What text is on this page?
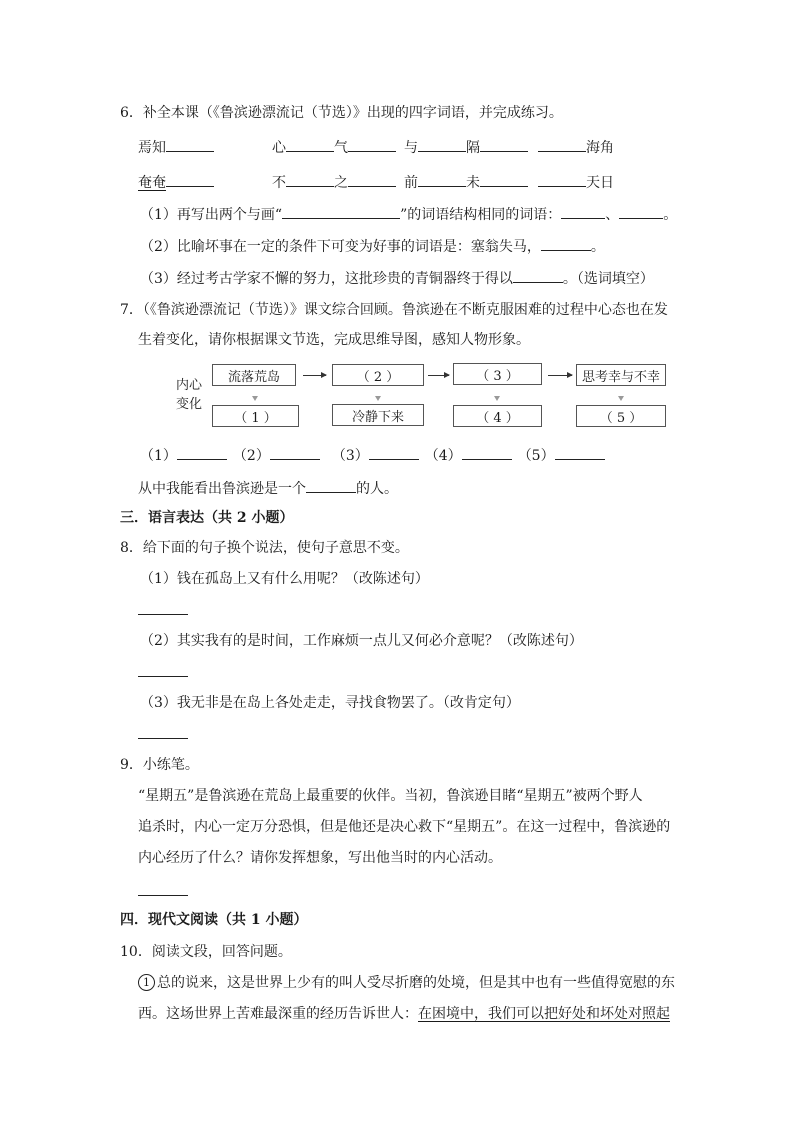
6．补全本课（《鲁滨逊漂流记（节选）》出现的四字词语，并完成练习。
焉知	心	气	与	隔	海角
奄奄	不	之	前	未	天日
（1）再写出两个与画“	”的词语结构相同的词语：	、	。
（2）比喻坏事在一定的条件下可变为好事的词语是：塞翁失马，	。
（3）经过考古学家不懈的努力，这批珍贵的青铜器终于得以	。（选词填空）
7．（《鲁滨逊漂流记（节选）》课文综合回顾。鲁滨逊在不断克服困难的过程中心态也在发
生着变化，请你根据课文节选，完成思维导图，感知人物形象。
内心
变化
流落荒岛	（ 2 ）	（ 3 ）	思考幸与不幸
（ 1 ）	冷静下来	（ 4 ）	（ 5 ）
（1）	（2）	（3）	（4）	（5）
从中我能看出鲁滨逊是一个	的人。
三．语言表达（共 2 小题）
8．给下面的句子换个说法，使句子意思不变。
（1）钱在孤岛上又有什么用呢？（改陈述句）
（2）其实我有的是时间，工作麻烦一点儿又何必介意呢？（改陈述句）
（3）我无非是在岛上各处走走，寻找食物罢了。（改肯定句）
9．小练笔。
“星期五”是鲁滨逊在荒岛上最重要的伙伴。当初，鲁滨逊目睹“星期五”被两个野人
追杀时，内心一定万分恐惧，但是他还是决心救下“星期五”。在这一过程中，鲁滨逊的
内心经历了什么？请你发挥想象，写出他当时的内心活动。
四．现代文阅读（共 1 小题）
10．阅读文段，回答问题。
1 总的说来，这是世界上少有的叫人受尽折磨的处境，但是其中也有一些值得宽慰的东
西。这场世界上苦难最深重的经历告诉世人：在困境中，我们可以把好处和坏处对照起
